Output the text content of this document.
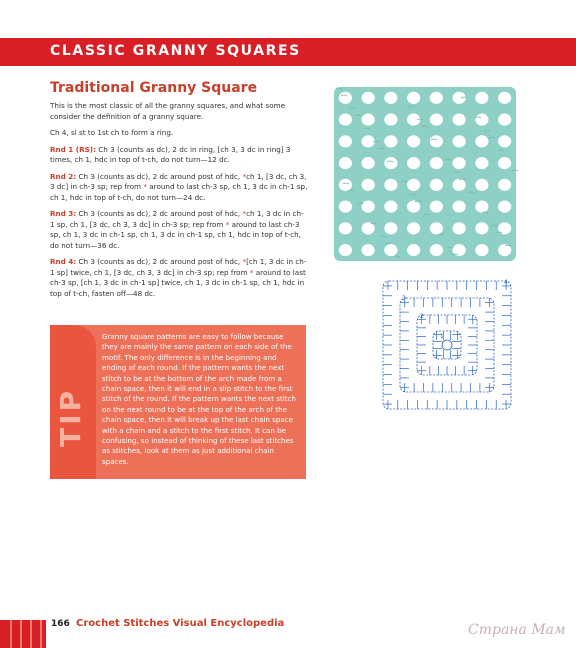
CLASSIC GRANNY SQUARES
Traditional Granny Square

This is the most classic of all the granny squares, and what some consider the definition of a granny square.

Ch 4, sl st to 1st ch to form a ring.

Rnd 1 (RS): Ch 3 (counts as dc), 2 dc in ring, [ch 3, 3 dc in ring] 3 times, ch 1, hdc in top of t-ch, do not turn—12 dc.

Rnd 2: Ch 3 (counts as dc), 2 dc around post of hdc, *ch 1, [3 dc, ch 3, 3 dc] in ch-3 sp; rep from * around to last ch-3 sp, ch 1, 3 dc in ch-1 sp, ch 1, hdc in top of t-ch, do not turn—24 dc.

Rnd 3: Ch 3 (counts as dc), 2 dc around post of hdc, *ch 1, 3 dc in ch-1 sp, ch 1, [3 dc, ch 3, 3 dc] in ch-3 sp; rep from * around to last ch-3 sp, ch 1, 3 dc in ch-1 sp, ch 1, 3 dc in ch-1 sp, ch 1, hdc in top of t-ch, do not turn—36 dc.

Rnd 4: Ch 3 (counts as dc), 2 dc around post of hdc, *[ch 1, 3 dc in ch-1 sp] twice, ch 1, [3 dc, ch 3, 3 dc] in ch-3 sp; rep from * around to last ch-3 sp, [ch 1, 3 dc in ch-1 sp] twice, ch 1, 3 dc in ch-1 sp, ch 1, hdc in top of t-ch, fasten off—48 dc.

TIP

Granny square patterns are easy to follow because they are mainly the same pattern on each side of the motif. The only difference is in the beginning and ending of each round. If the pattern wants the next stitch to be at the bottom of the arch made from a chain space, then it will end in a slip stitch to the first stitch of the round. If the pattern wants the next stitch on the next round to be at the top of the arch of the chain space, then it will break up the last chain space with a chain and a stitch to the first stitch. It can be confusing, so instead of thinking of these last stitches as stitches, look at them as just additional chain spaces.

1
2
3
4
166 Crochet Stitches Visual Encyclopedia	Страна Мам
